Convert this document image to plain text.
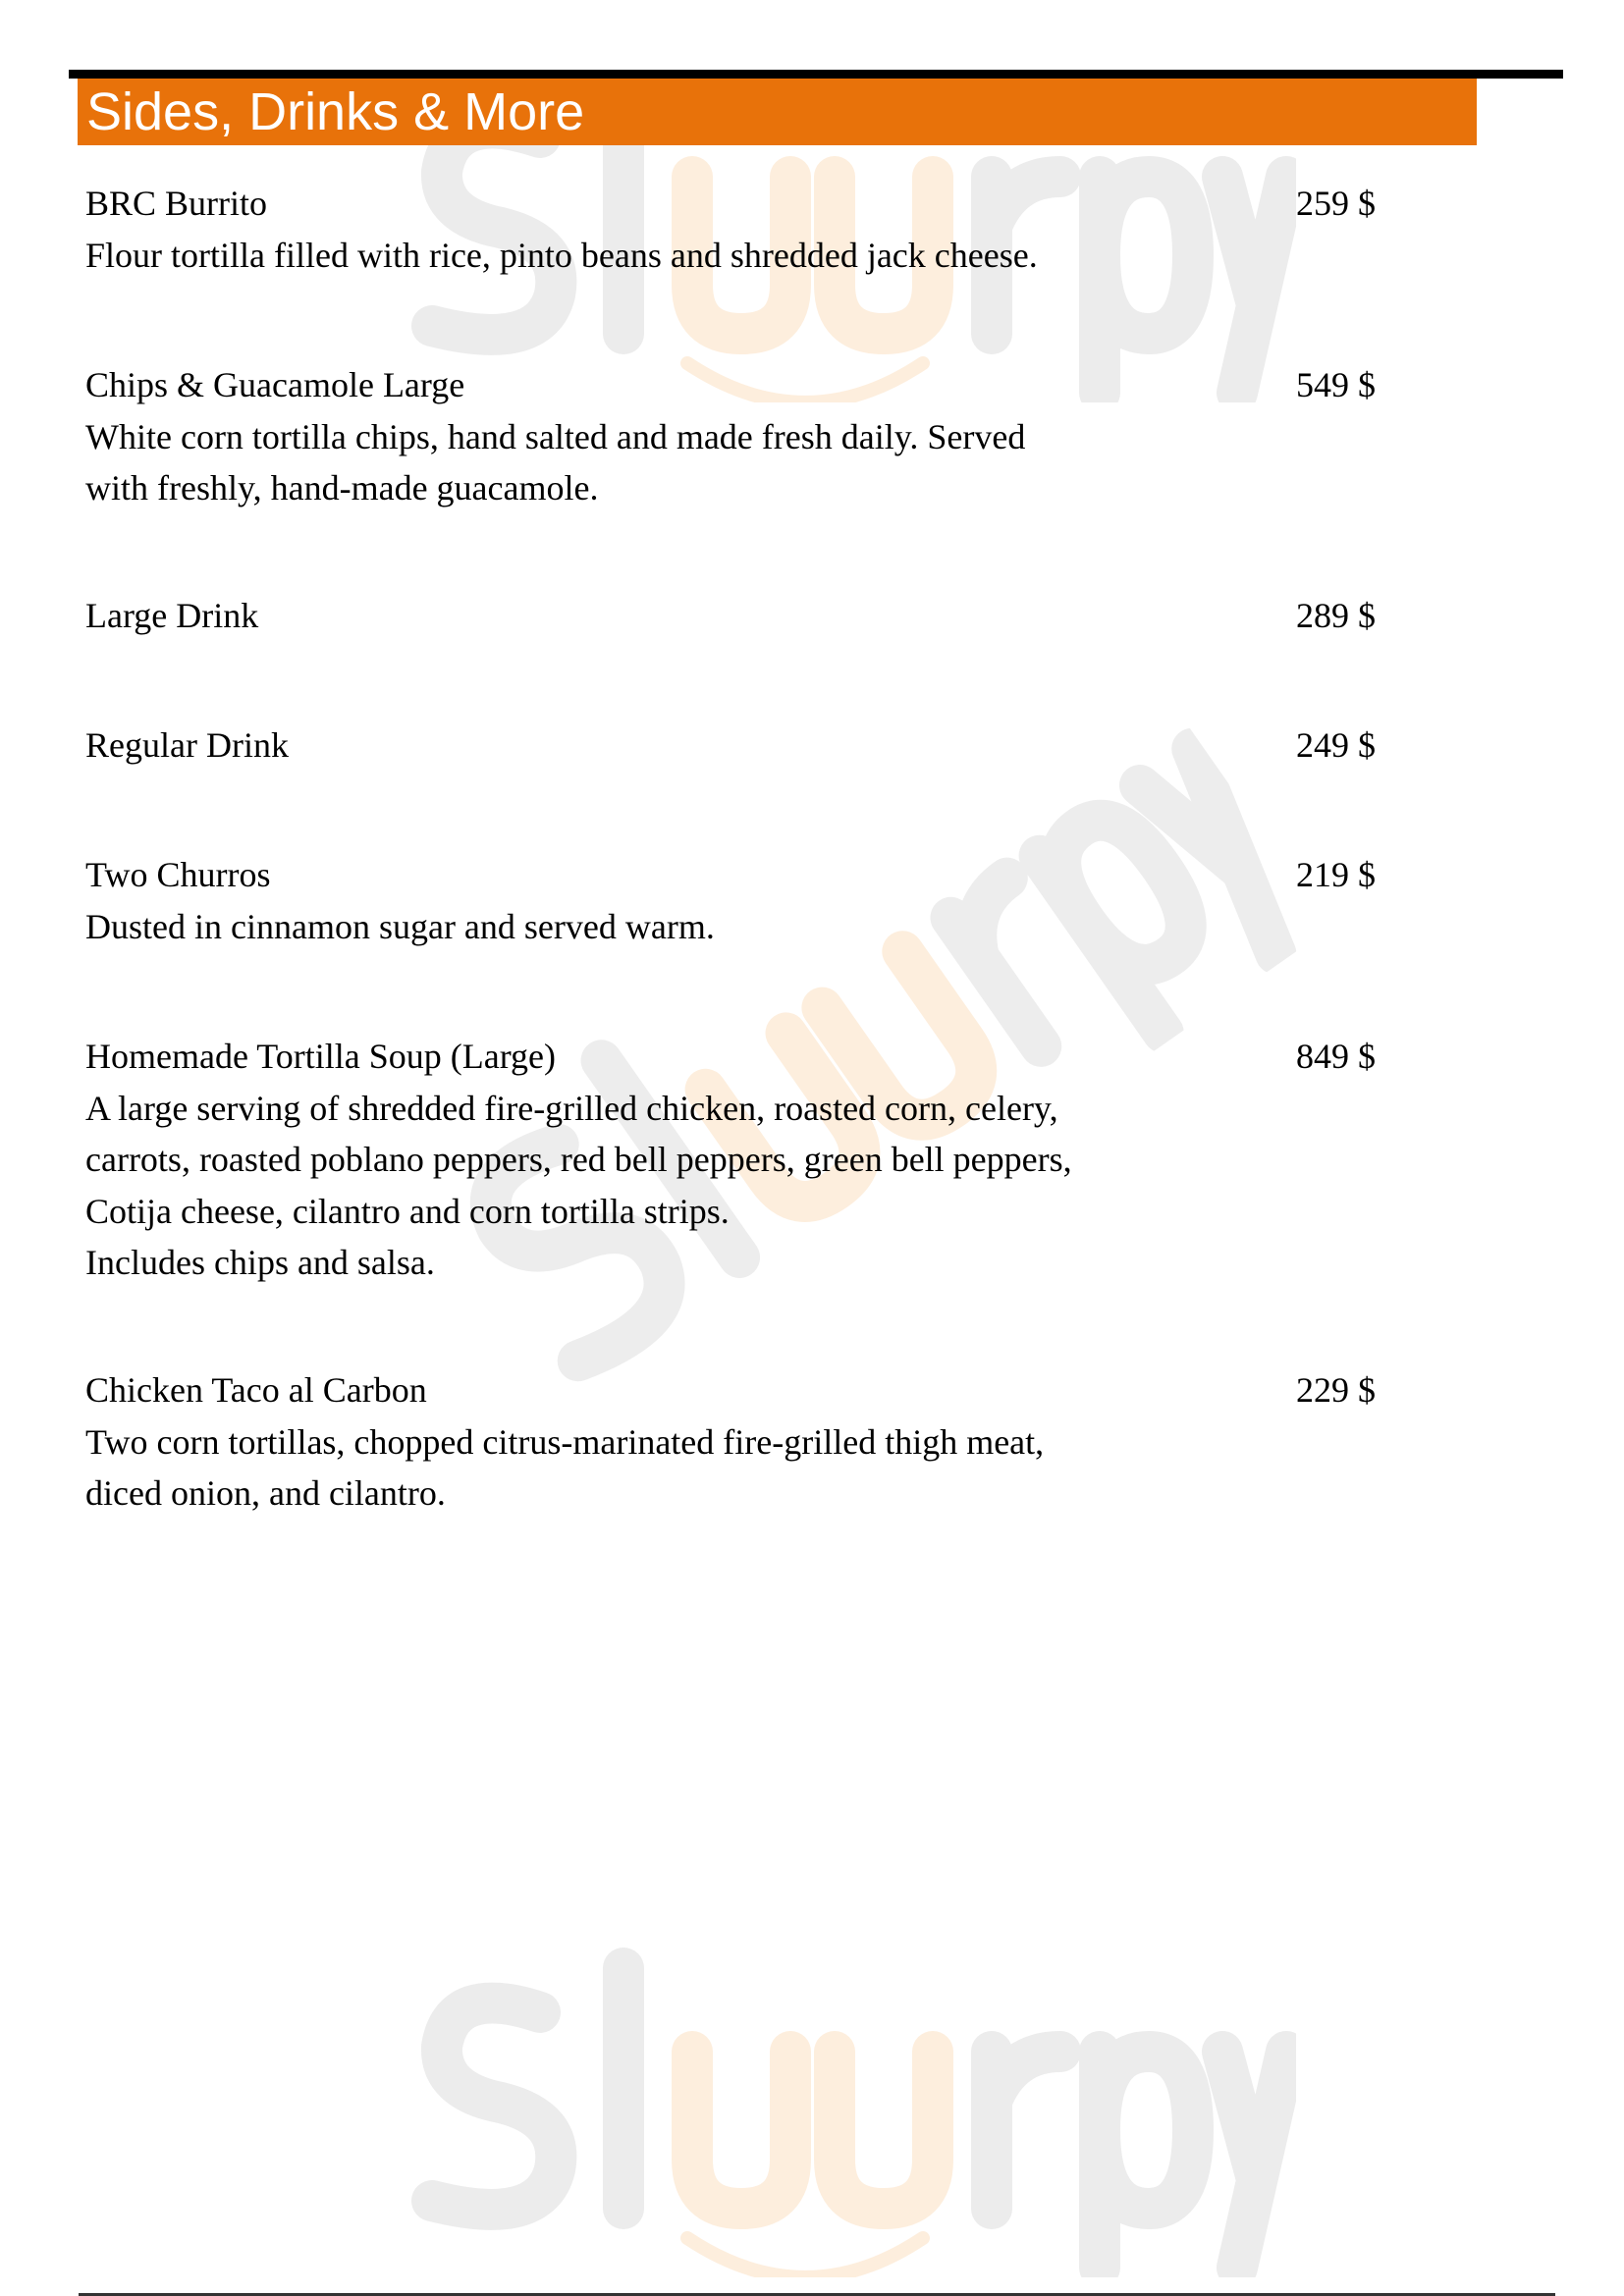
Sides, Drinks & More
BRC Burrito	259 $
Flour tortilla filled with rice, pinto beans and shredded jack cheese.
Chips & Guacamole Large	549 $
White corn tortilla chips, hand salted and made fresh daily. Served
with freshly, hand-made guacamole.
Large Drink	289 $
Regular Drink	249 $
Two Churros	219 $
Dusted in cinnamon sugar and served warm.
Homemade Tortilla Soup (Large)	849 $
A large serving of shredded fire-grilled chicken, roasted corn, celery,
carrots, roasted poblano peppers, red bell peppers, green bell peppers,
Cotija cheese, cilantro and corn tortilla strips.
Includes chips and salsa.
Chicken Taco al Carbon	229 $
Two corn tortillas, chopped citrus-marinated fire-grilled thigh meat,
diced onion, and cilantro.
